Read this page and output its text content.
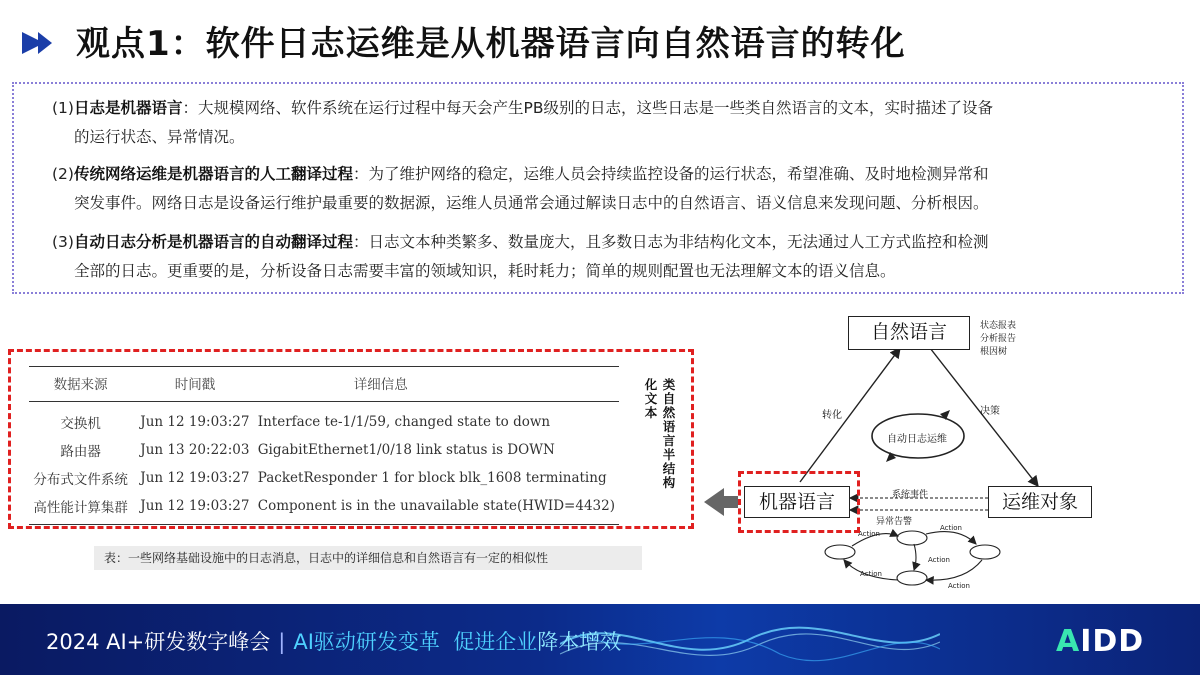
观点1：软件日志运维是从机器语言向自然语言的转化
(1)日志是机器语言：大规模网络、软件系统在运行过程中每天会产生PB级别的日志，这些日志是一些类自然语言的文本，实时描述了设备
的运行状态、异常情况。
(2)传统网络运维是机器语言的人工翻译过程：为了维护网络的稳定，运维人员会持续监控设备的运行状态，希望准确、及时地检测异常和
突发事件。网络日志是设备运行维护最重要的数据源，运维人员通常会通过解读日志中的自然语言、语义信息来发现问题、分析根因。
(3)自动日志分析是机器语言的自动翻译过程：日志文本种类繁多、数量庞大，且多数日志为非结构化文本，无法通过人工方式监控和检测
全部的日志。更重要的是，分析设备日志需要丰富的领域知识，耗时耗力；简单的规则配置也无法理解文本的语义信息。
数据来源	时间戳	详细信息
交换机	Jun 12 19:03:27	Interface te-1/1/59, changed state to down
路由器	Jun 13 20:22:03	GigabitEthernet1/0/18 link status is DOWN
分布式文件系统	Jun 12 19:03:27	PacketResponder 1 for block blk_1608 terminating
高性能计算集群	Jun 12 19:03:27	Component is in the unavailable state(HWID=4432)
类自然语言半结构
化文本
表：一些网络基础设施中的日志消息，日志中的详细信息和自然语言有一定的相似性
Action
Action
Action
Action
Action
自然语言	状态报表
分析报告
根因树
转化	决策
自动日志运维
机器语言	运维对象
系统事件
异常告警
2024 AI+研发数字峰会 | AI驱动研发变革 促进企业降本增效	AIDD
